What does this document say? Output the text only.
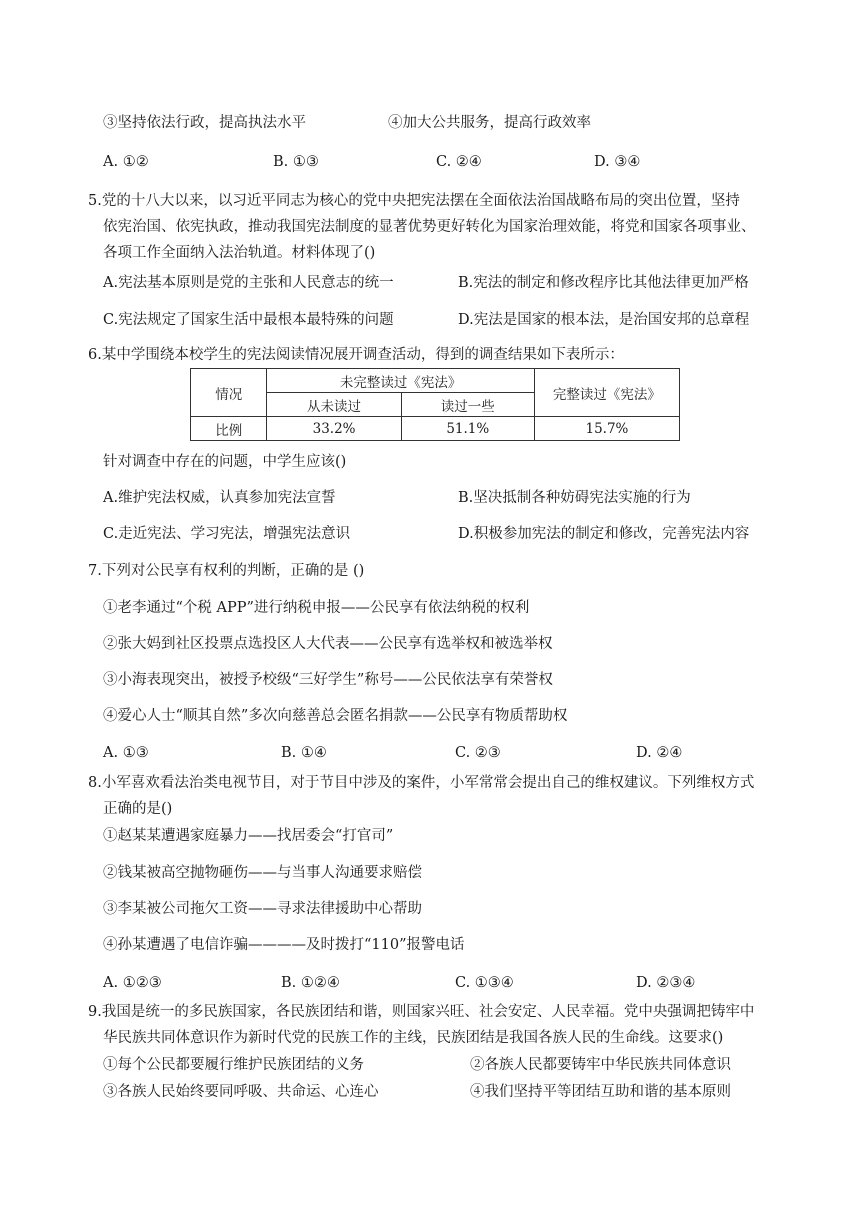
③坚持依法行政，提高执法水平	④加大公共服务，提高行政效率
A. ①②	B. ①③	C. ②④	D. ③④
5.党的十八大以来，以习近平同志为核心的党中央把宪法摆在全面依法治国战略布局的突出位置，坚持
依宪治国、依宪执政，推动我国宪法制度的显著优势更好转化为国家治理效能，将党和国家各项事业、
各项工作全面纳入法治轨道。材料体现了()
A.宪法基本原则是党的主张和人民意志的统一	B.宪法的制定和修改程序比其他法律更加严格
C.宪法规定了国家生活中最根本最特殊的问题	D.宪法是国家的根本法，是治国安邦的总章程
6.某中学围绕本校学生的宪法阅读情况展开调查活动，得到的调查结果如下表所示：
情况	未完整读过《宪法》		完整读过《宪法》
	从未读过	读过一些	
比例	33.2%	51.1%	15.7%
针对调查中存在的问题，中学生应该()
A.维护宪法权威，认真参加宪法宣誓	B.坚决抵制各种妨碍宪法实施的行为
C.走近宪法、学习宪法，增强宪法意识	D.积极参加宪法的制定和修改，完善宪法内容
7.下列对公民享有权利的判断，正确的是 ()
①老李通过“个税 APP”进行纳税申报——公民享有依法纳税的权利
②张大妈到社区投票点选投区人大代表——公民享有选举权和被选举权
③小海表现突出，被授予校级“三好学生”称号——公民依法享有荣誉权
④爱心人士“顺其自然”多次向慈善总会匿名捐款——公民享有物质帮助权
A. ①③	B. ①④	C. ②③	D. ②④
8.小军喜欢看法治类电视节目，对于节目中涉及的案件，小军常常会提出自己的维权建议。下列维权方式
正确的是()
①赵某某遭遇家庭暴力——找居委会“打官司”
②钱某被高空抛物砸伤——与当事人沟通要求赔偿
③李某被公司拖欠工资——寻求法律援助中心帮助
④孙某遭遇了电信诈骗————及时拨打“110”报警电话
A. ①②③	B. ①②④	C. ①③④	D. ②③④
9.我国是统一的多民族国家，各民族团结和谐，则国家兴旺、社会安定、人民幸福。党中央强调把铸牢中
华民族共同体意识作为新时代党的民族工作的主线，民族团结是我国各族人民的生命线。这要求()
①每个公民都要履行维护民族团结的义务	②各族人民都要铸牢中华民族共同体意识
③各族人民始终要同呼吸、共命运、心连心	④我们坚持平等团结互助和谐的基本原则
